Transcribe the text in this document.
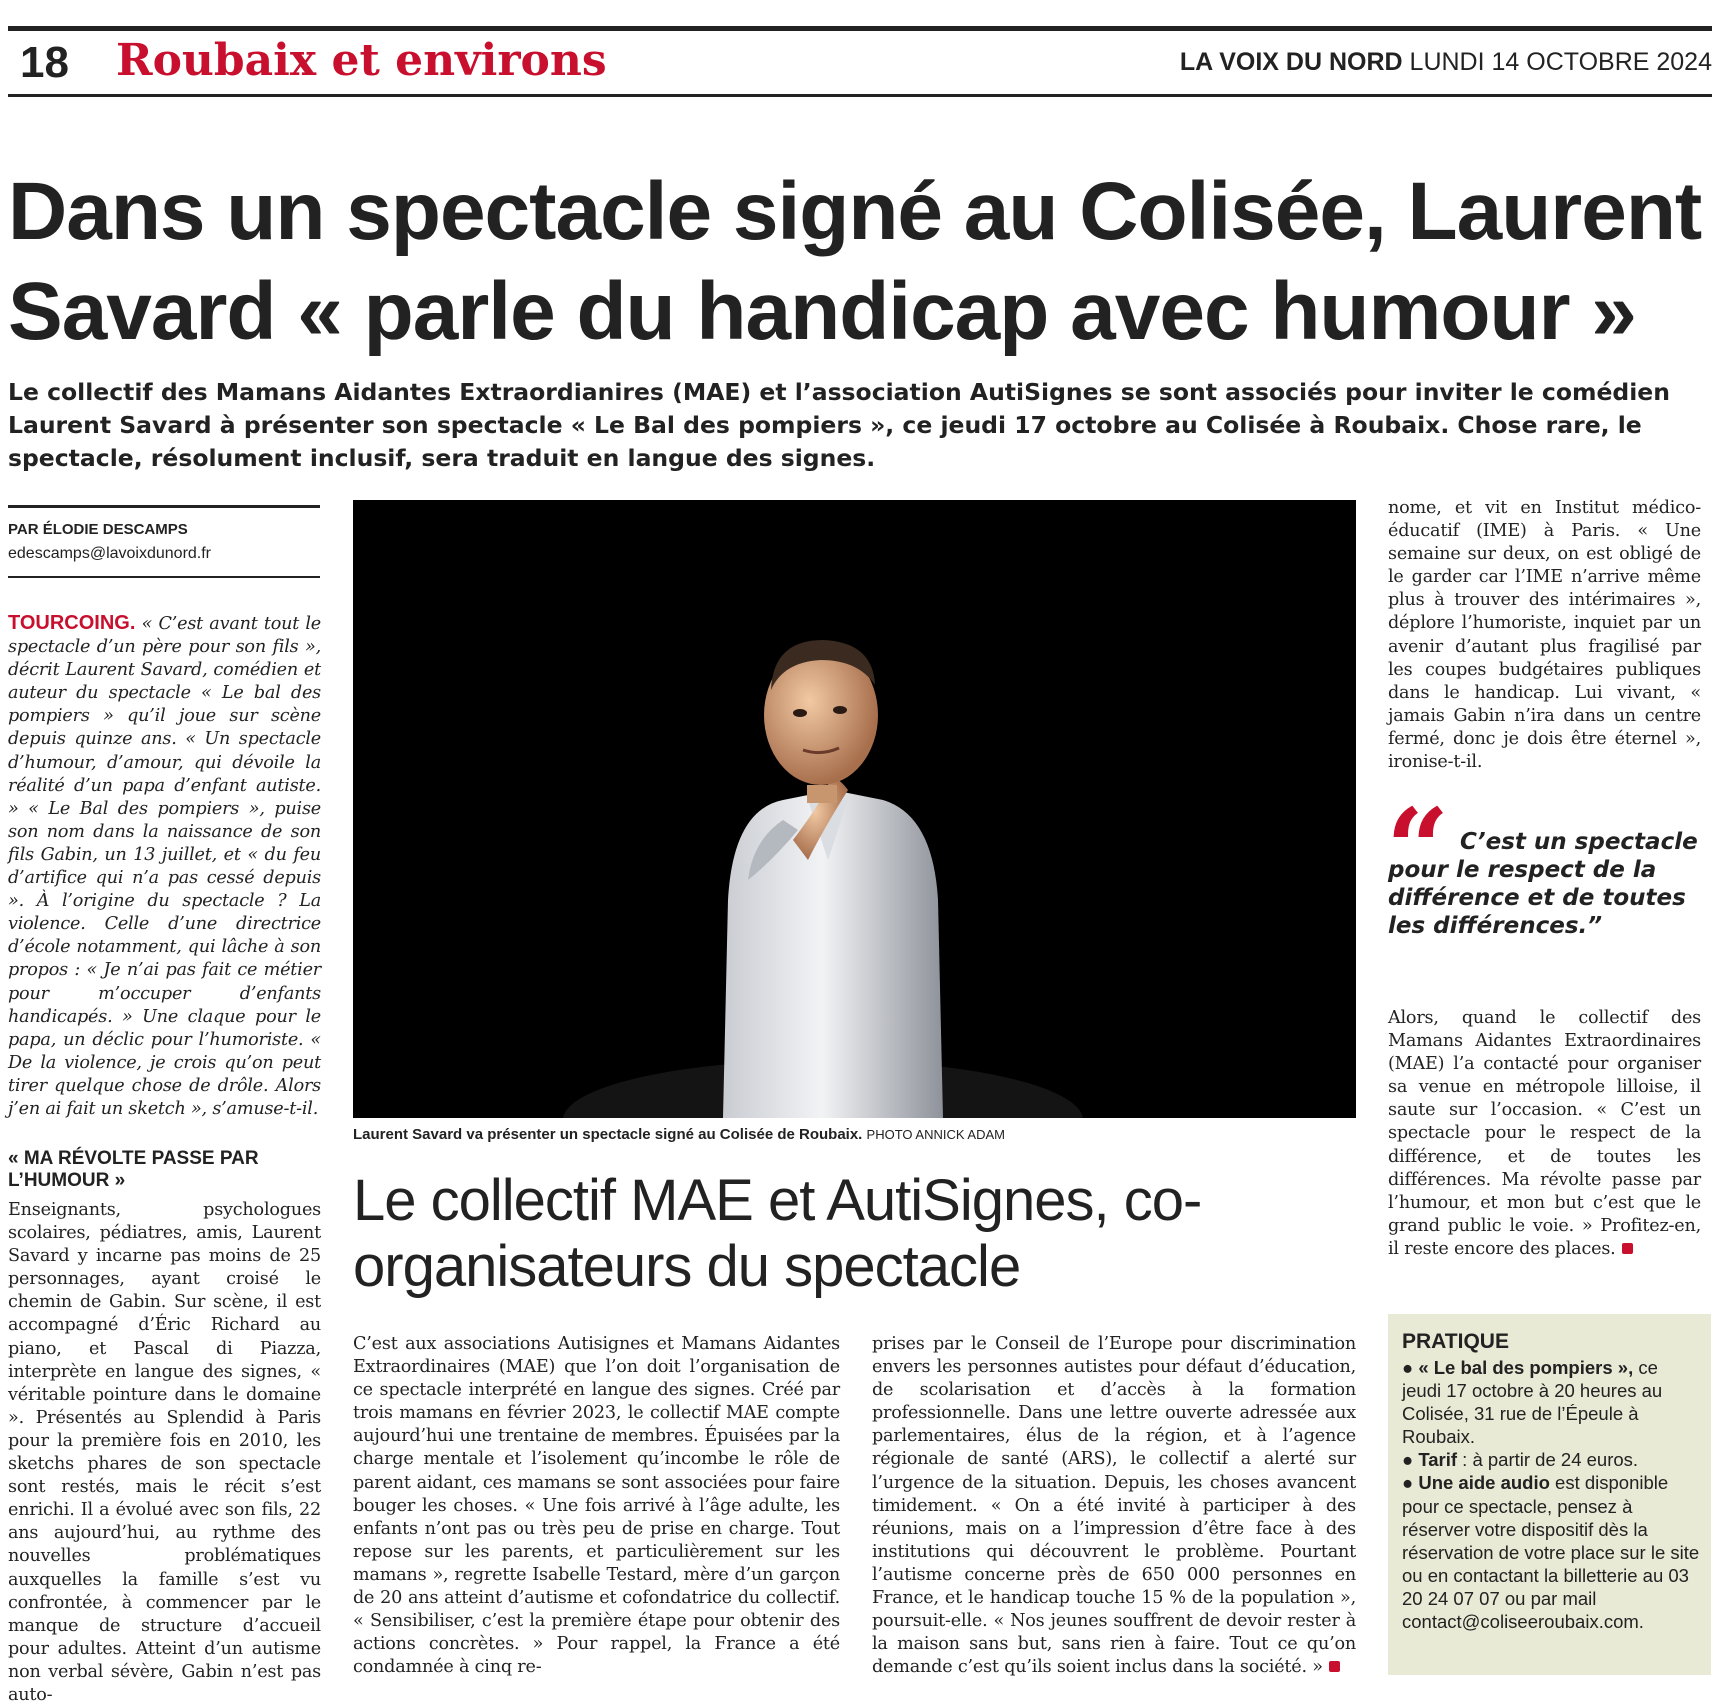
18 Roubaix et environs	LA VOIX DU NORD LUNDI 14 OCTOBRE 2024
Dans un spectacle signé au Colisée, Laurent Savard « parle du handicap avec humour »
Le collectif des Mamans Aidantes Extraordianires (MAE) et l’association AutiSignes se sont associés pour inviter le comédien Laurent Savard à présenter son spectacle « Le Bal des pompiers », ce jeudi 17 octobre au Colisée à Roubaix. Chose rare, le spectacle, résolument inclusif, sera traduit en langue des signes.
PAR ÉLODIE DESCAMPS
edescamps@lavoixdunord.fr

TOURCOING. « C’est avant tout le spectacle d’un père pour son fils », décrit Laurent Savard, comédien et auteur du spectacle « Le bal des pompiers » qu’il joue sur scène depuis quinze ans. « Un spectacle d’humour, d’amour, qui dévoile la réalité d’un papa d’enfant autiste. » « Le Bal des pompiers », puise son nom dans la naissance de son fils Gabin, un 13 juillet, et « du feu d’artifice qui n’a pas cessé depuis ». À l’origine du spectacle ? La violence. Celle d’une directrice d’école notamment, qui lâche à son propos : « Je n’ai pas fait ce métier pour m’occuper d’enfants handicapés. » Une claque pour le papa, un déclic pour l’humoriste. « De la violence, je crois qu’on peut tirer quelque chose de drôle. Alors j’en ai fait un sketch », s’amuse-t-il.

« MA RÉVOLTE PASSE PAR L’HUMOUR »

Enseignants, psychologues scolaires, pédiatres, amis, Laurent Savard y incarne pas moins de 25 personnages, ayant croisé le chemin de Gabin. Sur scène, il est accompagné d’Éric Richard au piano, et Pascal di Piazza, interprète en langue des signes, « véritable pointure dans le domaine ». Présentés au Splendid à Paris pour la première fois en 2010, les sketchs phares de son spectacle sont restés, mais le récit s’est enrichi. Il a évolué avec son fils, 22 ans aujourd’hui, au rythme des nouvelles problématiques auxquelles la famille s’est vu confrontée, à commencer par le manque de structure d’accueil pour adultes. Atteint d’un autisme non verbal sévère, Gabin n’est pas auto-

Laurent Savard va présenter un spectacle signé au Colisée de Roubaix. PHOTO ANNICK ADAM
Le collectif MAE et AutiSignes, co-organisateurs du spectacle

C’est aux associations Autisignes et Mamans Aidantes Extraordinaires (MAE) que l’on doit l’organisation de ce spectacle interprété en langue des signes. Créé par trois mamans en février 2023, le collectif MAE compte aujourd’hui une trentaine de membres. Épuisées par la charge mentale et l’isolement qu’incombe le rôle de parent aidant, ces mamans se sont associées pour faire bouger les choses. « Une fois arrivé à l’âge adulte, les enfants n’ont pas ou très peu de prise en charge. Tout repose sur les parents, et particulièrement sur les mamans », regrette Isabelle Testard, mère d’un garçon de 20 ans atteint d’autisme et cofondatrice du collectif. « Sensibiliser, c’est la première étape pour obtenir des actions concrètes. » Pour rappel, la France a été condamnée à cinq re-

prises par le Conseil de l’Europe pour discrimination envers les personnes autistes pour défaut d’éducation, de scolarisation et d’accès à la formation professionnelle. Dans une lettre ouverte adressée aux parlementaires, élus de la région, et à l’agence régionale de santé (ARS), le collectif a alerté sur l’urgence de la situation. Depuis, les choses avancent timidement. « On a été invité à participer à des réunions, mais on a l’impression d’être face à des institutions qui découvrent le problème. Pourtant l’autisme concerne près de 650 000 personnes en France, et le handicap touche 15 % de la population », poursuit-elle. « Nos jeunes souffrent de devoir rester à la maison sans but, sans rien à faire. Tout ce qu’on demande c’est qu’ils soient inclus dans la société. »

nome, et vit en Institut médico-éducatif (IME) à Paris. « Une semaine sur deux, on est obligé de le garder car l’IME n’arrive même plus à trouver des intérimaires », déplore l’humoriste, inquiet par un avenir d’autant plus fragilisé par les coupes budgétaires publiques dans le handicap. Lui vivant, « jamais Gabin n’ira dans un centre fermé, donc je dois être éternel », ironise-t-il.

“ C’est un spectacle pour le respect de la différence et de toutes les différences.”

Alors, quand le collectif des Mamans Aidantes Extraordinaires (MAE) l’a contacté pour organiser sa venue en métropole lilloise, il saute sur l’occasion. « C’est un spectacle pour le respect de la différence, et de toutes les différences. Ma révolte passe par l’humour, et mon but c’est que le grand public le voie. » Profitez-en, il reste encore des places.

PRATIQUE

● « Le bal des pompiers », ce jeudi 17 octobre à 20 heures au Colisée, 31 rue de l’Épeule à Roubaix.

● Tarif : à partir de 24 euros.

● Une aide audio est disponible pour ce spectacle, pensez à réserver votre dispositif dès la réservation de votre place sur le site ou en contactant la billetterie au 03 20 24 07 07 ou par mail contact@coliseeroubaix.com.
